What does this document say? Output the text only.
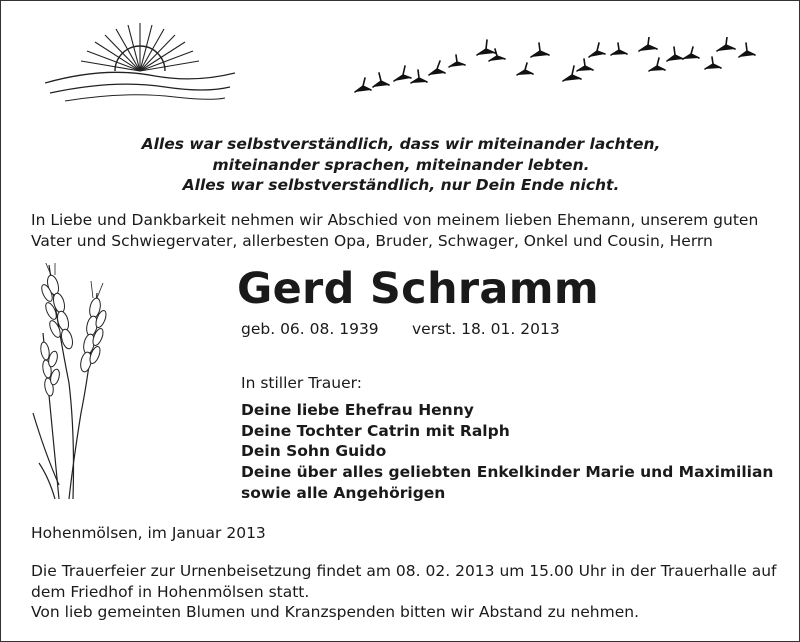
Alles war selbstverständlich, dass wir miteinander lachten,
miteinander sprachen, miteinander lebten.
Alles war selbstverständlich, nur Dein Ende nicht.
In Liebe und Dankbarkeit nehmen wir Abschied von meinem lieben Ehemann, unserem guten Vater und Schwiegervater, allerbesten Opa, Bruder, Schwager, Onkel und Cousin, Herrn
Gerd Schramm
geb. 06. 08. 1939 verst. 18. 01. 2013
In stiller Trauer:
Deine liebe Ehefrau Henny
Deine Tochter Catrin mit Ralph
Dein Sohn Guido
Deine über alles geliebten Enkelkinder Marie und Maximilian
sowie alle Angehörigen
Hohenmölsen, im Januar 2013

Die Trauerfeier zur Urnenbeisetzung findet am 08. 02. 2013 um 15.00 Uhr in der Trauerhalle auf dem Friedhof in Hohenmölsen statt.

Von lieb gemeinten Blumen und Kranzspenden bitten wir Abstand zu nehmen.
